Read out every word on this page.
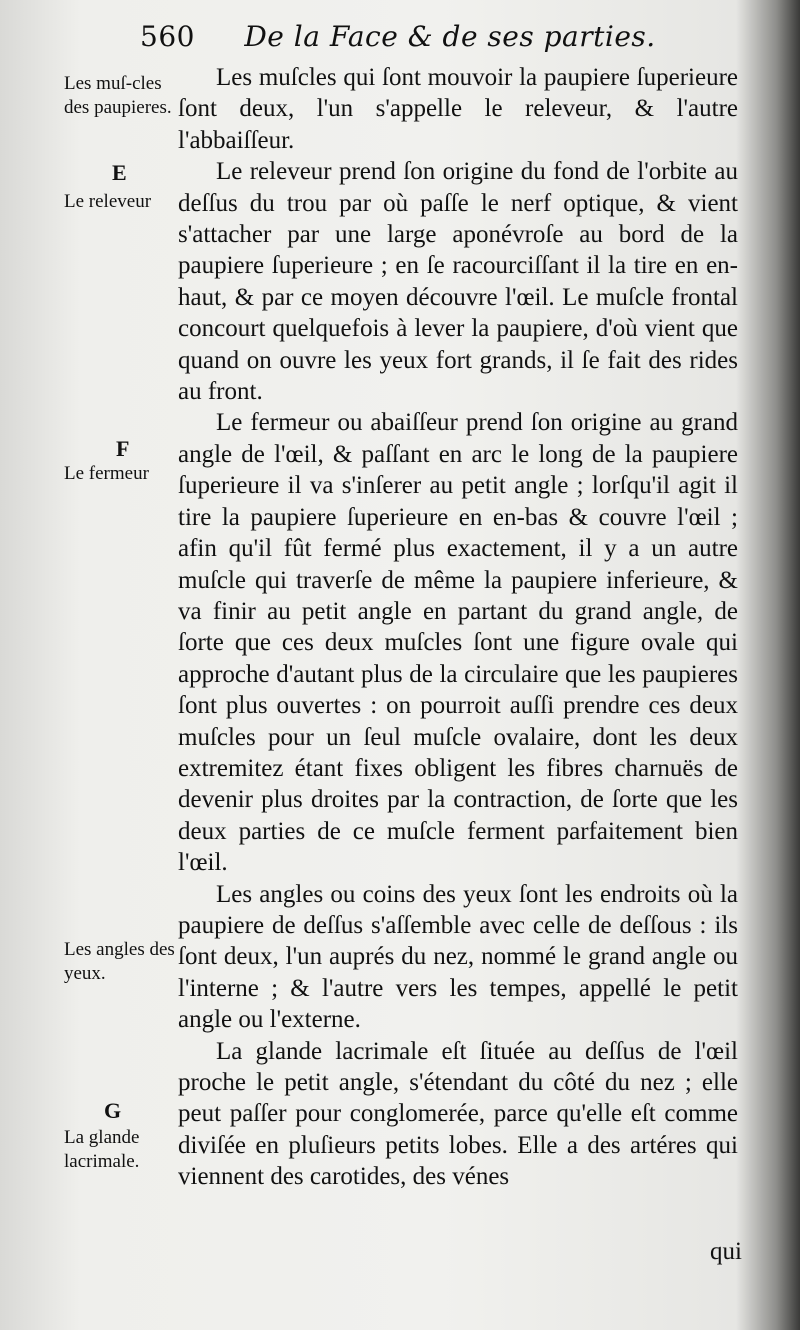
560 De la Face & de ses parties.
Les muſ-cles des paupieres.
E
Le releveur
F
Le fermeur
Les angles des yeux.
G
La glande lacrimale.

Les muſcles qui ſont mouvoir la paupiere ſuperieure ſont deux, l'un s'appelle le releveur, & l'autre l'abbaiſſeur.

Le releveur prend ſon origine du fond de l'orbite au deſſus du trou par où paſſe le nerf optique, & vient s'attacher par une large aponévroſe au bord de la paupiere ſuperieure ; en ſe racourciſſant il la tire en en-haut, & par ce moyen découvre l'œil. Le muſcle frontal concourt quelquefois à lever la paupiere, d'où vient que quand on ouvre les yeux fort grands, il ſe fait des rides au front.

Le fermeur ou abaiſſeur prend ſon origine au grand angle de l'œil, & paſſant en arc le long de la paupiere ſuperieure il va s'inſerer au petit angle ; lorſqu'il agit il tire la paupiere ſuperieure en en-bas & couvre l'œil ; afin qu'il fût fermé plus exactement, il y a un autre muſcle qui traverſe de même la paupiere inferieure, & va finir au petit angle en partant du grand angle, de ſorte que ces deux muſcles ſont une figure ovale qui approche d'autant plus de la circulaire que les paupieres ſont plus ouvertes : on pourroit auſſi prendre ces deux muſcles pour un ſeul muſcle ovalaire, dont les deux extremitez étant fixes obligent les fibres charnuës de devenir plus droites par la contraction, de ſorte que les deux parties de ce muſcle ferment parfaitement bien l'œil.

Les angles ou coins des yeux ſont les endroits où la paupiere de deſſus s'aſſemble avec celle de deſſous : ils ſont deux, l'un auprés du nez, nommé le grand angle ou l'interne ; & l'autre vers les tempes, appellé le petit angle ou l'externe.

La glande lacrimale eſt ſituée au deſſus de l'œil proche le petit angle, s'étendant du côté du nez ; elle peut paſſer pour conglomerée, parce qu'elle eſt comme diviſée en pluſieurs petits lobes. Elle a des artéres qui viennent des carotides, des vénes

qui
